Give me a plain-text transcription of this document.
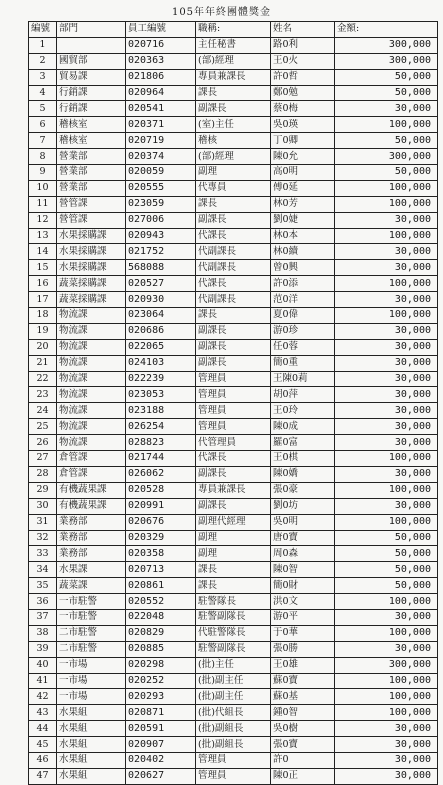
105年年終團體獎金
編號	部門	員工編號	職稱:	姓名	金額:
1		020716	主任秘書	路0利	300,000
2	國貿部	020363	(部)經理	王0火	300,000
3	貿易課	021806	專員兼課長	許0哲	50,000
4	行銷課	020964	課長	鄭0勉	50,000
5	行銷課	020541	副課長	蔡0梅	30,000
6	稽核室	020371	(室)主任	吳0瑛	100,000
7	稽核室	020719	稽核	丁0卿	50,000
8	營業部	020374	(部)經理	陳0允	300,000
9	營業部	020059	副理	高0明	50,000
10	營業部	020555	代專員	傅0延	100,000
11	營管課	023059	課長	林0芳	100,000
12	營管課	027006	副課長	劉0婕	30,000
13	水果採購課	020943	代課長	林0本	100,000
14	水果採購課	021752	代副課長	林0續	30,000
15	水果採購課	568088	代副課長	曾0興	30,000
16	蔬菜採購課	020527	代課長	許0添	100,000
17	蔬菜採購課	020930	代副課長	范0洋	30,000
18	物流課	023064	課長	夏0偉	100,000
19	物流課	020686	副課長	游0珍	30,000
20	物流課	022065	副課長	任0蓉	30,000
21	物流課	024103	副課長	簡0重	30,000
22	物流課	022239	管理員	王陳0莉	30,000
23	物流課	023053	管理員	胡0萍	30,000
24	物流課	023188	管理員	王0玲	30,000
25	物流課	026254	管理員	陳0成	30,000
26	物流課	028823	代管理員	羅0富	30,000
27	倉管課	021744	代課長	王0棋	100,000
28	倉管課	026062	副課長	陳0嬌	30,000
29	有機蔬果課	020528	專員兼課長	張0豪	100,000
30	有機蔬果課	020991	副課長	劉0坊	30,000
31	業務部	020676	副理代經理	吳0明	100,000
32	業務部	020329	副理	唐0寶	50,000
33	業務部	020358	副理	周0森	50,000
34	水果課	020713	課長	陳0智	50,000
35	蔬菜課	020861	課長	簡0財	50,000
36	一市駐警	020552	駐警隊長	洪0文	100,000
37	一市駐警	022048	駐警副隊長	游0平	30,000
38	二市駐警	020829	代駐警隊長	于0華	100,000
39	二市駐警	020885	駐警副隊長	張0勝	30,000
40	一市場	020298	(批)主任	王0雄	300,000
41	一市場	020252	(批)副主任	蘇0寶	100,000
42	一市場	020293	(批)副主任	蘇0基	100,000
43	水果組	020871	(批)代組長	鍾0智	100,000
44	水果組	020591	(批)副組長	吳0樹	30,000
45	水果組	020907	(批)副組長	張0寶	30,000
46	水果組	020402	管理員	許0	30,000
47	水果組	020627	管理員	陳0正	30,000
